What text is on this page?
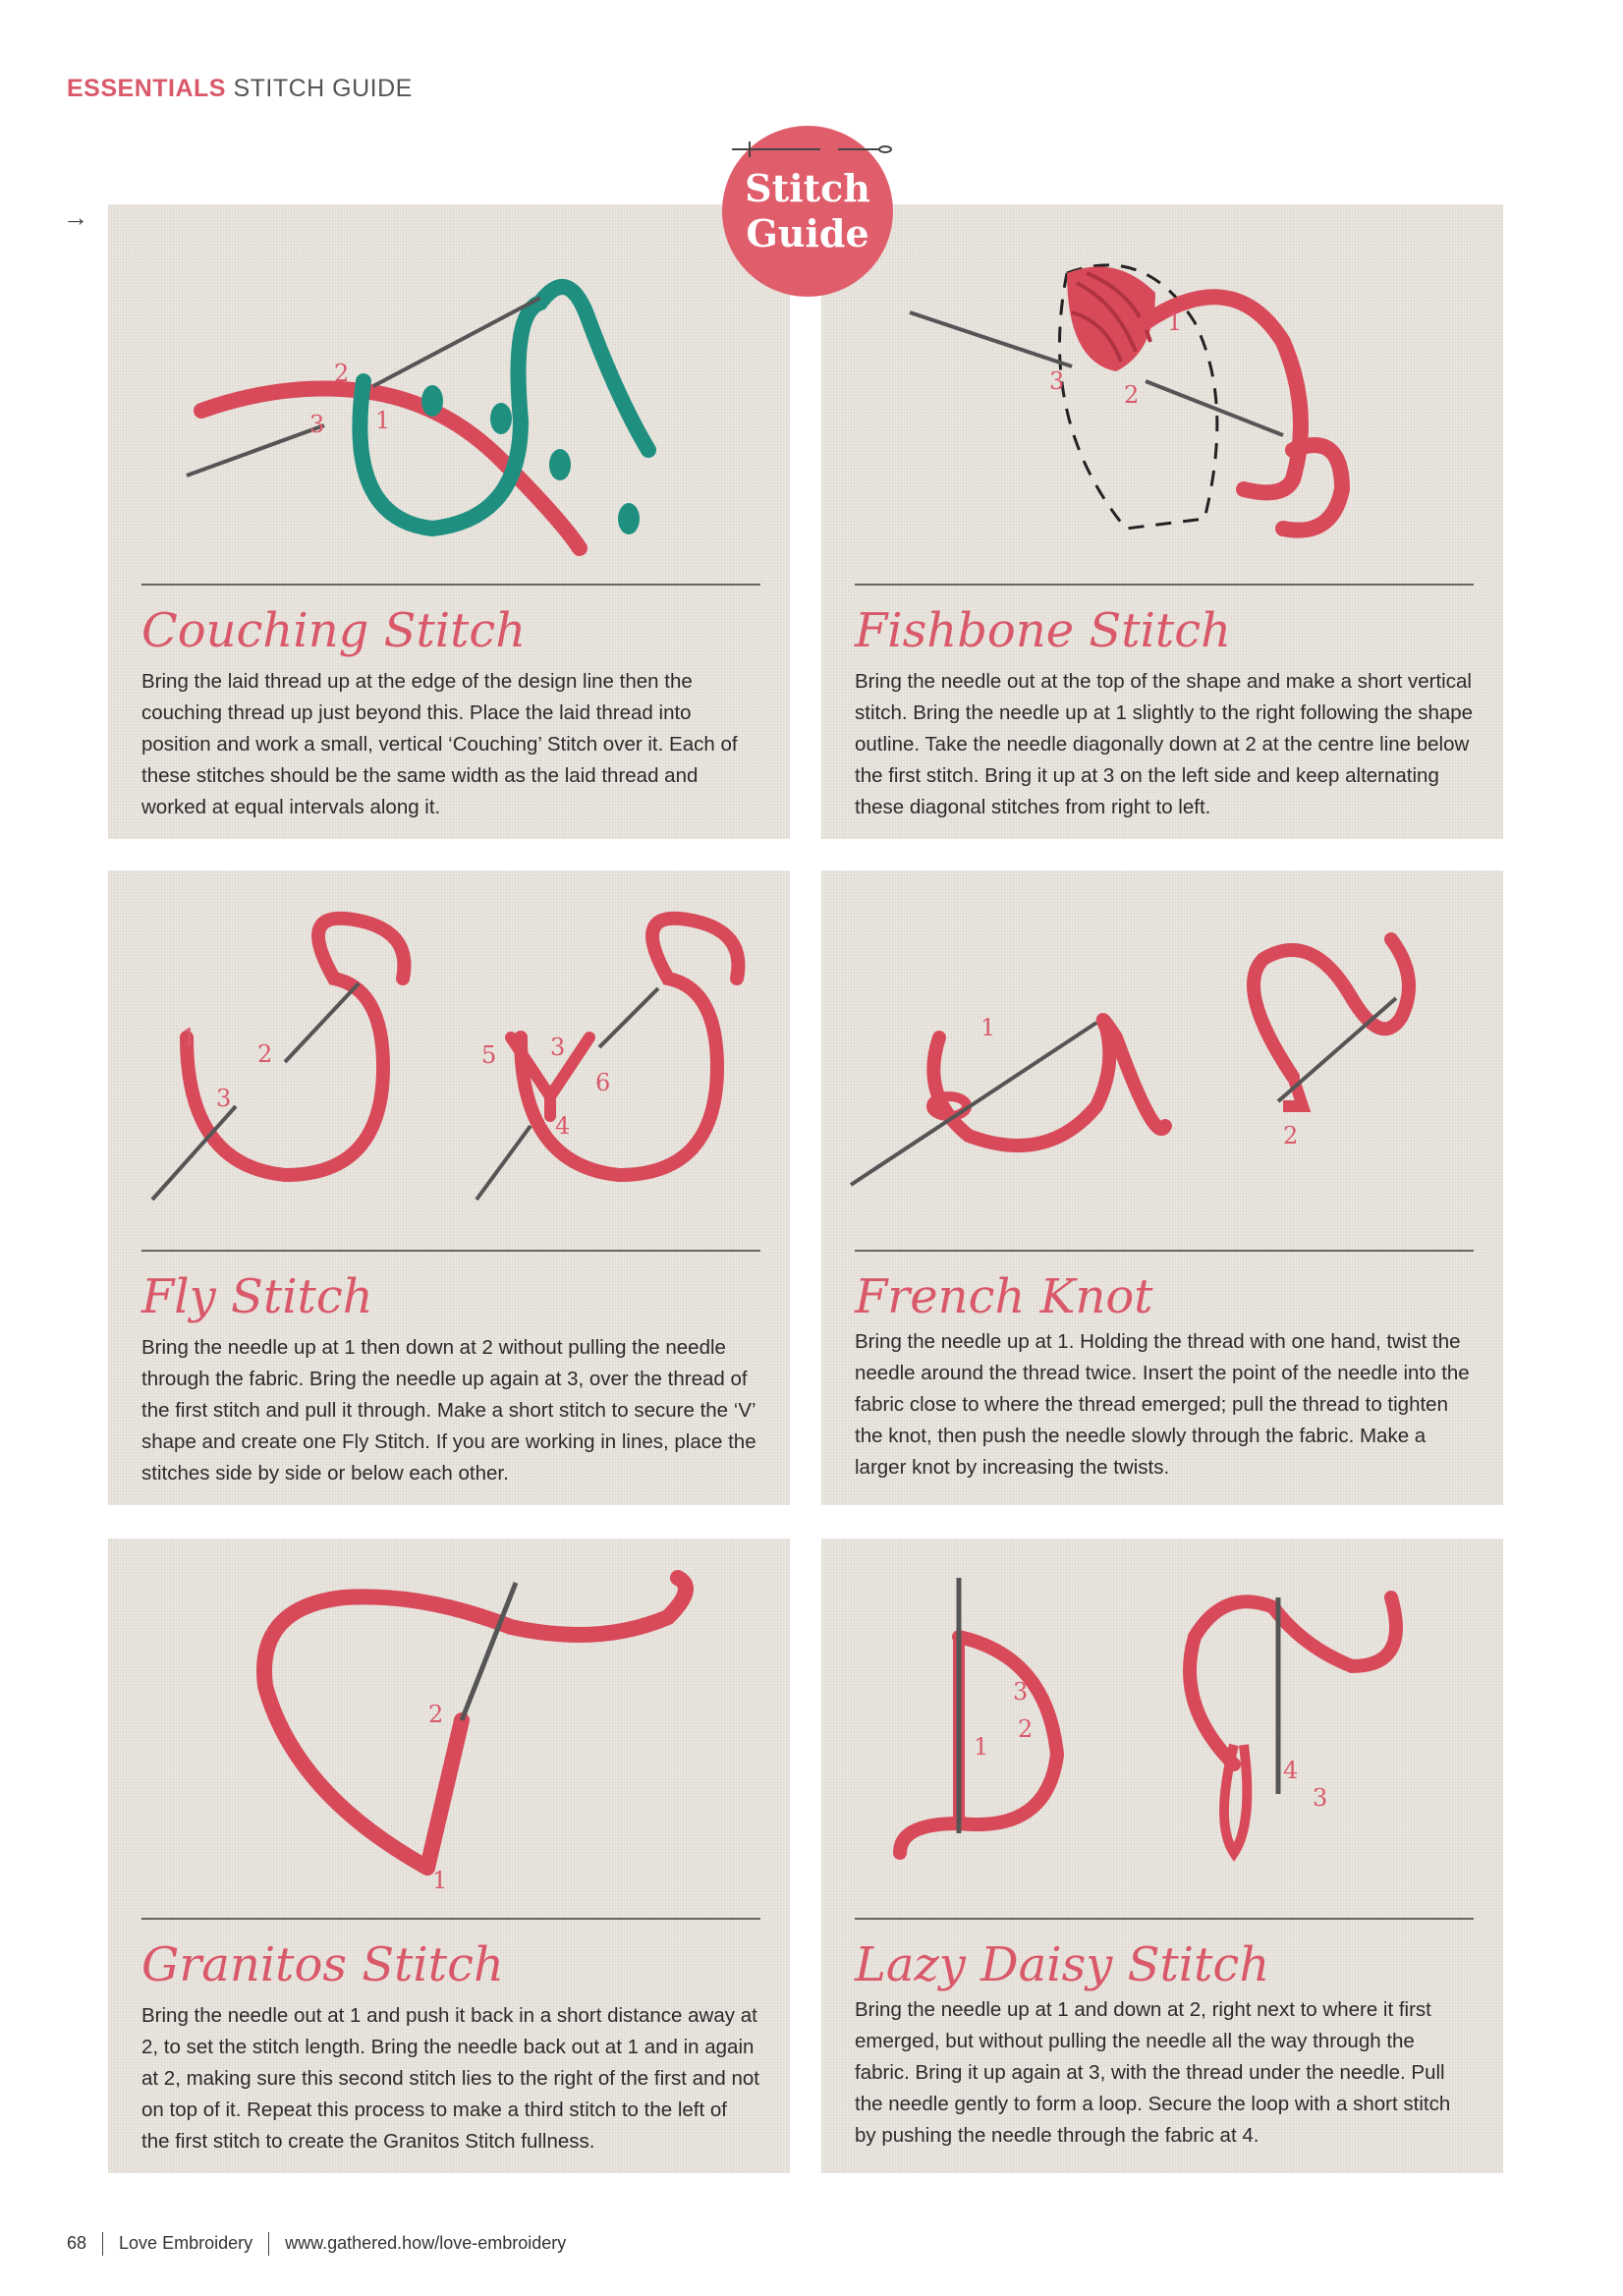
ESSENTIALS STITCH GUIDE
→
Stitch
Guide
2
3 1
Couching Stitch

Bring the laid thread up at the edge of the design line then the couching thread up just beyond this. Place the laid thread into position and work a small, vertical ‘Couching’ Stitch over it. Each of these stitches should be the same width as the laid thread and worked at equal intervals along it.

1
3	2
Fishbone Stitch

Bring the needle out at the top of the shape and make a short vertical stitch. Bring the needle up at 1 slightly to the right following the shape outline. Take the needle diagonally down at 2 at the centre line below the first stitch. Bring it up at 3 on the left side and keep alternating these diagonal stitches from right to left.

1
2
3
5 3
6
4
Fly Stitch

Bring the needle up at 1 then down at 2 without pulling the needle through the fabric. Bring the needle up again at 3, over the thread of the first stitch and pull it through. Make a short stitch to secure the ‘V’ shape and create one Fly Stitch. If you are working in lines, place the stitches side by side or below each other.

1
2
French Knot

Bring the needle up at 1. Holding the thread with one hand, twist the needle around the thread twice. Insert the point of the needle into the fabric close to where the thread emerged; pull the thread to tighten the knot, then push the needle slowly through the fabric. Make a larger knot by increasing the twists.

2
1
Granitos Stitch

Bring the needle out at 1 and push it back in a short distance away at 2, to set the stitch length. Bring the needle back out at 1 and in again at 2, making sure this second stitch lies to the right of the first and not on top of it. Repeat this process to make a third stitch to the left of the first stitch to create the Granitos Stitch fullness.

3
2
1
4
3
Lazy Daisy Stitch

Bring the needle up at 1 and down at 2, right next to where it first emerged, but without pulling the needle all the way through the fabric. Bring it up again at 3, with the thread under the needle. Pull the needle gently to form a loop. Secure the loop with a short stitch by pushing the needle through the fabric at 4.

68 Love Embroidery www.gathered.how/love-embroidery
